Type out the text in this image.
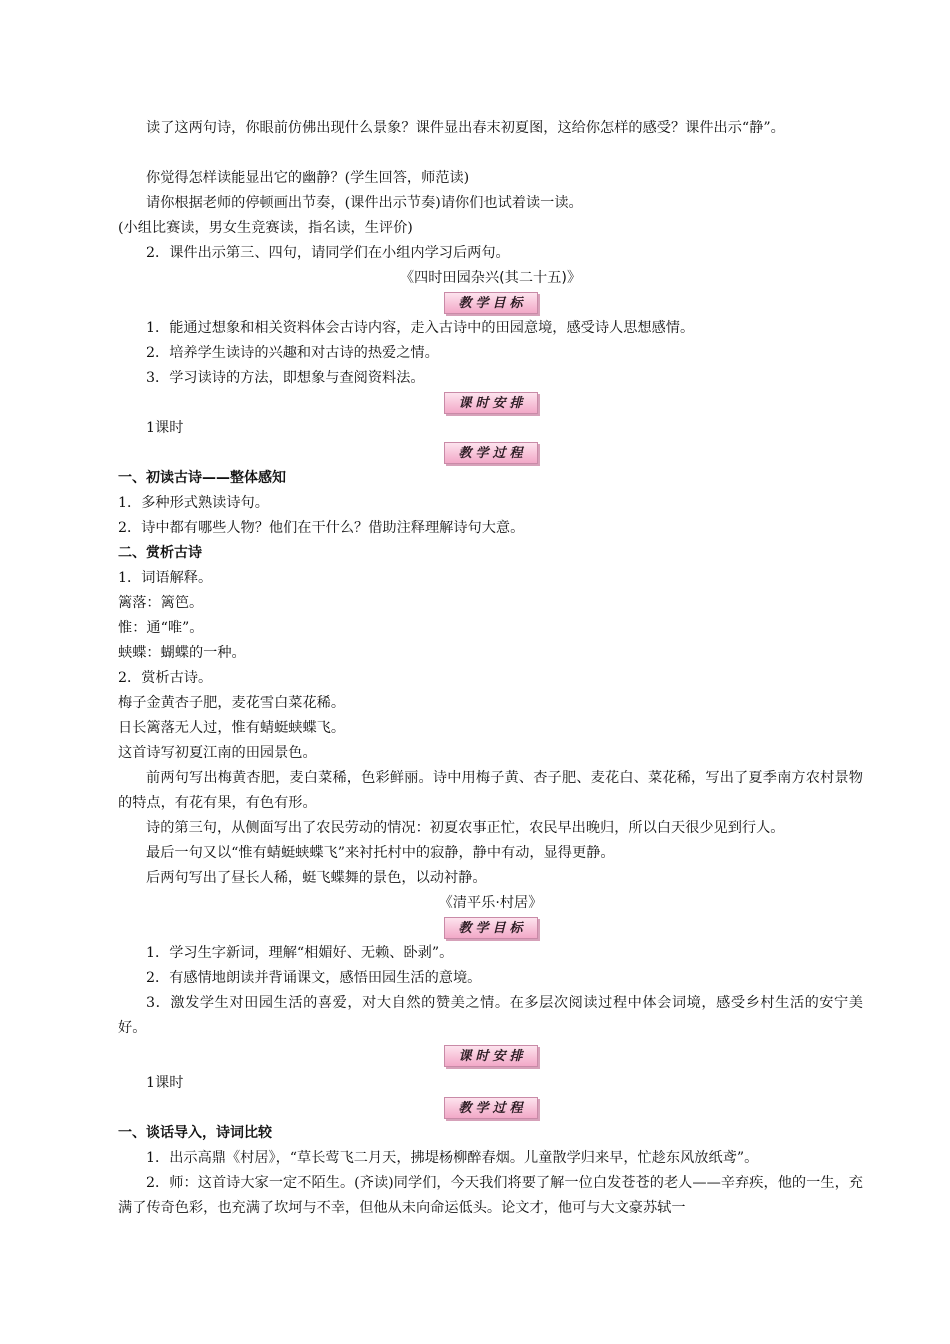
读了这两句诗，你眼前仿佛出现什么景象？课件显出春末初夏图，这给你怎样的感受？课件出示“静”。
你觉得怎样读能显出它的幽静？(学生回答，师范读)
请你根据老师的停顿画出节奏，(课件出示节奏)请你们也试着读一读。
(小组比赛读，男女生竞赛读，指名读，生评价)
2．课件出示第三、四句，请同学们在小组内学习后两句。
《四时田园杂兴(其二十五)》
教学目标
1．能通过想象和相关资料体会古诗内容，走入古诗中的田园意境，感受诗人思想感情。
2．培养学生读诗的兴趣和对古诗的热爱之情。
3．学习读诗的方法，即想象与查阅资料法。
课时安排
1课时
教学过程
一、初读古诗——整体感知
1．多种形式熟读诗句。
2．诗中都有哪些人物？他们在干什么？借助注释理解诗句大意。
二、赏析古诗
1．词语解释。
篱落：篱笆。
惟：通“唯”。
蛱蝶：蝴蝶的一种。
2．赏析古诗。
梅子金黄杏子肥，麦花雪白菜花稀。
日长篱落无人过，惟有蜻蜓蛱蝶飞。
这首诗写初夏江南的田园景色。
前两句写出梅黄杏肥，麦白菜稀，色彩鲜丽。诗中用梅子黄、杏子肥、麦花白、菜花稀，写出了夏季南方农村景物的特点，有花有果，有色有形。
诗的第三句，从侧面写出了农民劳动的情况：初夏农事正忙，农民早出晚归，所以白天很少见到行人。
最后一句又以“惟有蜻蜓蛱蝶飞”来衬托村中的寂静，静中有动，显得更静。
后两句写出了昼长人稀，蜓飞蝶舞的景色，以动衬静。
《清平乐·村居》
教学目标
1．学习生字新词，理解“相媚好、无赖、卧剥”。
2．有感情地朗读并背诵课文，感悟田园生活的意境。
3．激发学生对田园生活的喜爱，对大自然的赞美之情。在多层次阅读过程中体会词境，感受乡村生活的安宁美好。
课时安排
1课时
教学过程
一、谈话导入，诗词比较
1．出示高鼎《村居》，“草长莺飞二月天，拂堤杨柳醉春烟。儿童散学归来早，忙趁东风放纸鸢”。
2．师：这首诗大家一定不陌生。(齐读)同学们，今天我们将要了解一位白发苍苍的老人——辛弃疾，他的一生，充满了传奇色彩，也充满了坎坷与不幸，但他从未向命运低头。论文才，他可与大文豪苏轼一
